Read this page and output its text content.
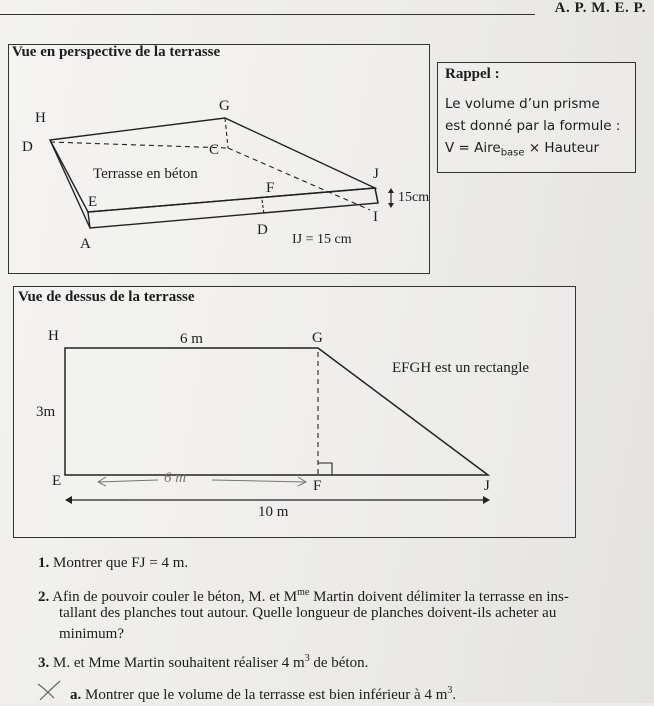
A. P. M. E. P.
Vue en perspective de la terrasse
H
G
D	C
Terrasse en béton
E
F
J
15cm
I
D
A	IJ = 15 cm
Rappel :
Le volume d’un prisme
est donné par la formule :
V = Aire$_{base}$ × Hauteur
Vue de dessus de la terrasse
H	6 m	G
EFGH est un rectangle
3m
E	6 m	F	J
10 m
1. Montrer que FJ = 4 m.
2. Afin de pouvoir couler le béton, M. et $M^{me}$ Martin doivent délimiter la terrasse en ins-
tallant des planches tout autour. Quelle longueur de planches doivent-ils acheter au
minimum?
3. M. et Mme Martin souhaitent réaliser 4 $m^3$ de béton.
a. Montrer que le volume de la terrasse est bien inférieur à 4 $m^3$.
